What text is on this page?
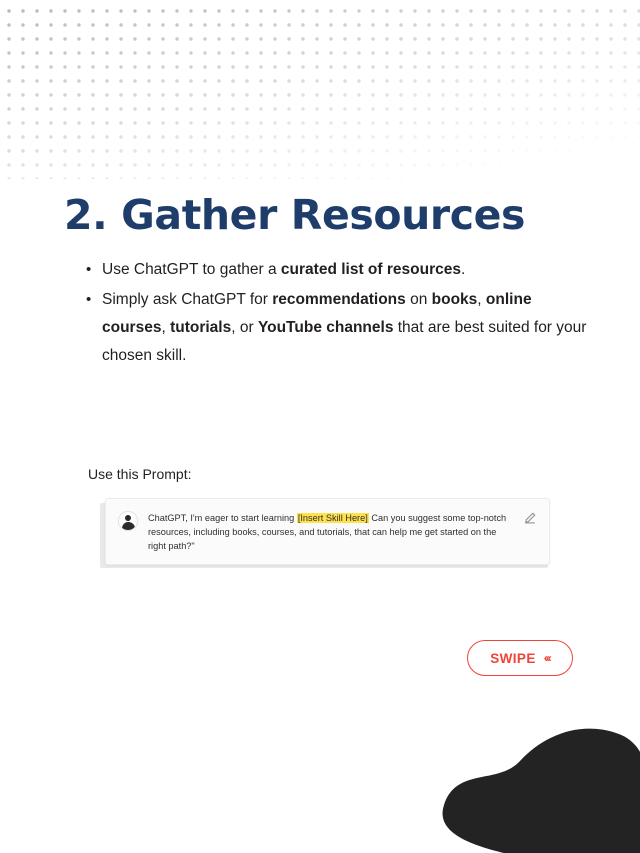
2. Gather Resources
• Use ChatGPT to gather a curated list of resources.
• Simply ask ChatGPT for recommendations on books, online courses, tutorials, or YouTube channels that are best suited for your chosen skill.
Use this Prompt:
ChatGPT, I'm eager to start learning [Insert Skill Here] Can you suggest some top-notch resources, including books, courses, and tutorials, that can help me get started on the right path?"
SWIPE ‹‹‹
